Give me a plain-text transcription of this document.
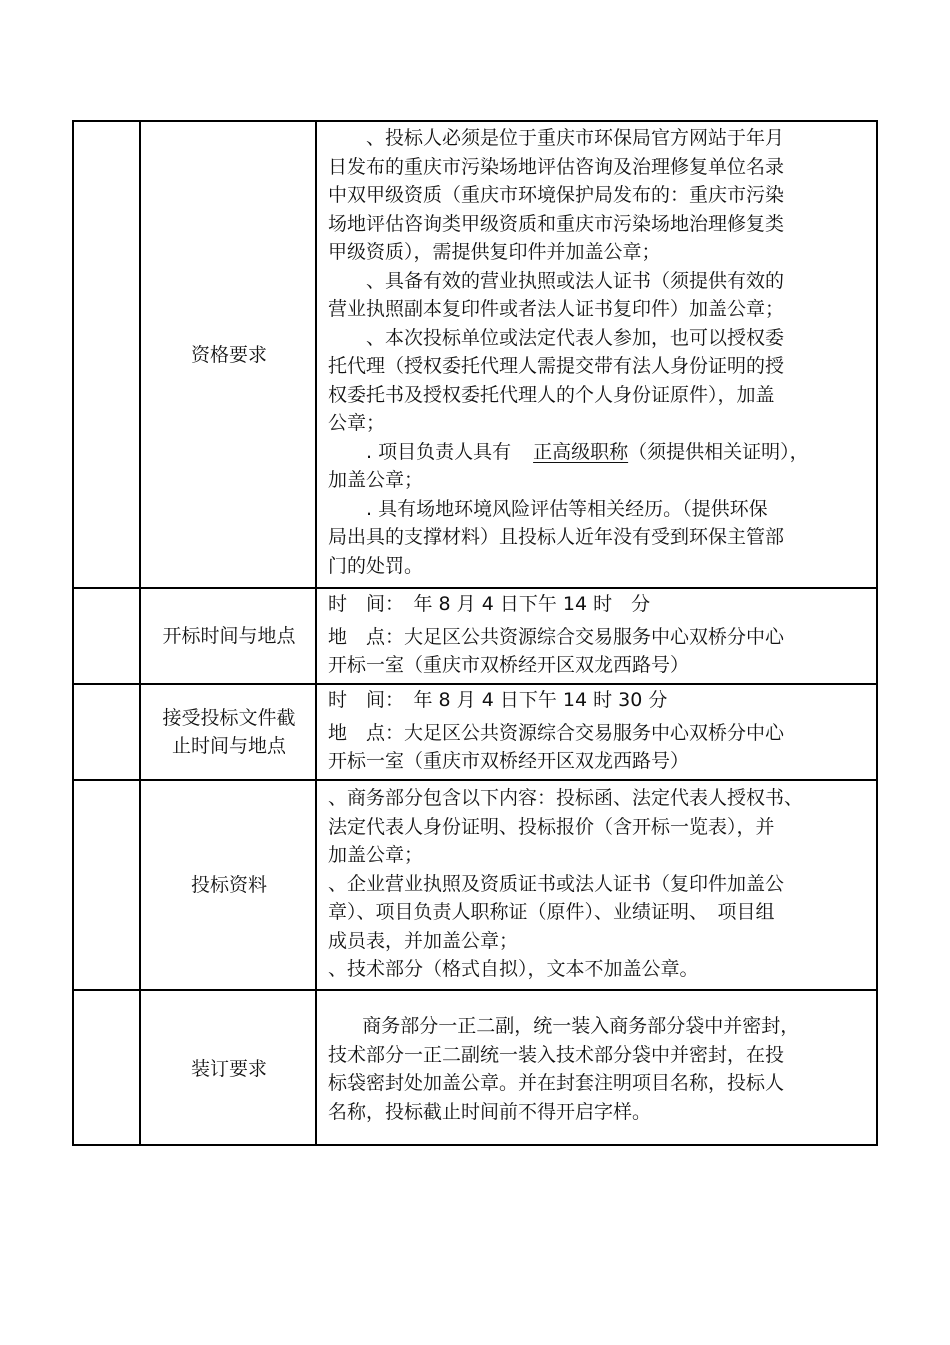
资格要求

、投标人必须是位于重庆市环保局官方网站于年月

日发布的重庆市污染场地评估咨询及治理修复单位名录

中双甲级资质（重庆市环境保护局发布的：重庆市污染

场地评估咨询类甲级资质和重庆市污染场地治理修复类

甲级资质），需提供复印件并加盖公章；

、具备有效的营业执照或法人证书（须提供有效的

营业执照副本复印件或者法人证书复印件）加盖公章；

、本次投标单位或法定代表人参加，也可以授权委

托代理（授权委托代理人需提交带有法人身份证明的授

权委托书及授权委托代理人的个人身份证原件），加盖

公章；

. 项目负责人具有 正高级职称（须提供相关证明），

加盖公章；

. 具有场地环境风险评估等相关经历。（提供环保

局出具的支撑材料）且投标人近年没有受到环保主管部

门的处罚。

开标时间与地点

时　间：　年 8 月 4 日下午 14 时　分

地　点：大足区公共资源综合交易服务中心双桥分中心

开标一室（重庆市双桥经开区双龙西路号）

接受投标文件截
止时间与地点

时　间：　年 8 月 4 日下午 14 时 30 分

地　点：大足区公共资源综合交易服务中心双桥分中心

开标一室（重庆市双桥经开区双龙西路号）

投标资料

、商务部分包含以下内容：投标函、法定代表人授权书、

法定代表人身份证明、投标报价（含开标一览表），并

加盖公章；

、企业营业执照及资质证书或法人证书（复印件加盖公

章）、项目负责人职称证（原件）、业绩证明、　项目组

成员表，并加盖公章；

、技术部分（格式自拟），文本不加盖公章。

装订要求

商务部分一正二副，统一装入商务部分袋中并密封，

技术部分一正二副统一装入技术部分袋中并密封，在投

标袋密封处加盖公章。并在封套注明项目名称，投标人

名称，投标截止时间前不得开启字样。
